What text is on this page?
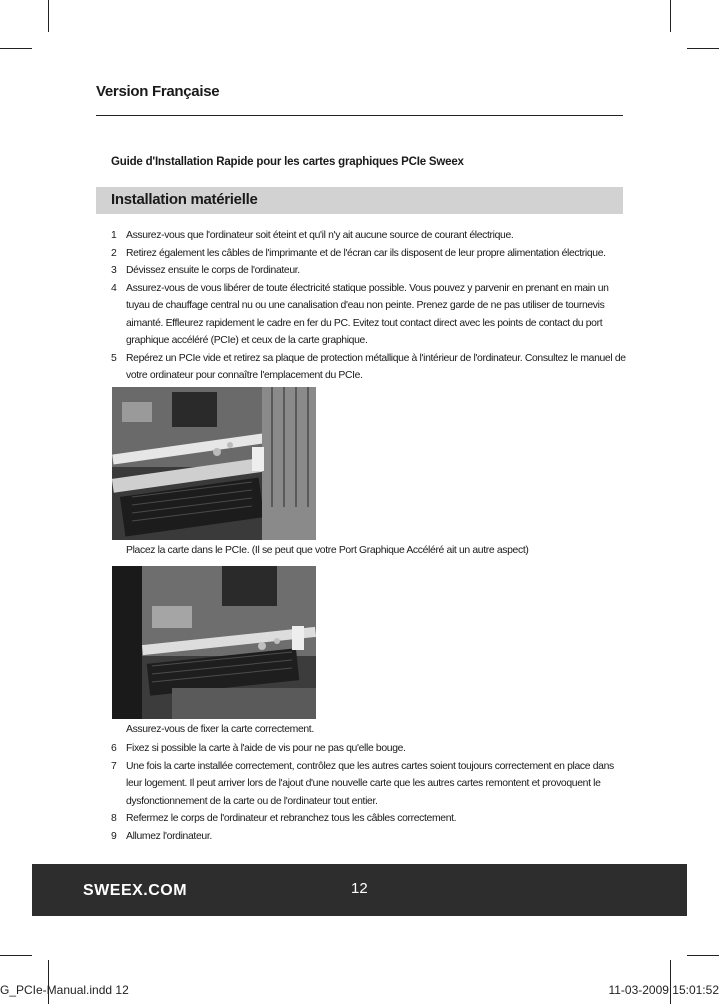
Version Française
Guide d'Installation Rapide pour les cartes graphiques PCIe Sweex
Installation matérielle
1 Assurez-vous que l'ordinateur soit éteint et qu'il n'y ait aucune source de courant électrique.
2 Retirez également les câbles de l'imprimante et de l'écran car ils disposent de leur propre alimentation électrique.
3 Dévissez ensuite le corps de l'ordinateur.
4 Assurez-vous de vous libérer de toute électricité statique possible. Vous pouvez y parvenir en prenant en main un tuyau de chauffage central nu ou une canalisation d'eau non peinte. Prenez garde de ne pas utiliser de tournevis aimanté. Effleurez rapidement le cadre en fer du PC. Evitez tout contact direct avec les points de contact du port graphique accéléré (PCIe) et ceux de la carte graphique.
5 Repérez un PCIe vide et retirez sa plaque de protection métallique à l'intérieur de l'ordinateur. Consultez le manuel de votre ordinateur pour connaître l'emplacement du PCIe.
Placez la carte dans le PCIe. (Il se peut que votre Port Graphique Accéléré ait un autre aspect)
Assurez-vous de fixer la carte correctement.
6 Fixez si possible la carte à l'aide de vis pour ne pas qu'elle bouge.
7 Une fois la carte installée correctement, contrôlez que les autres cartes soient toujours correctement en place dans leur logement. Il peut arriver lors de l'ajout d'une nouvelle carte que les autres cartes remontent et provoquent le dysfonctionnement de la carte ou de l'ordinateur tout entier.
8 Refermez le corps de l'ordinateur et rebranchez tous les câbles correctement.
9 Allumez l'ordinateur.
SWEEX.COM	12
G_PCIe-Manual.indd 12	11-03-2009 15:01:52
